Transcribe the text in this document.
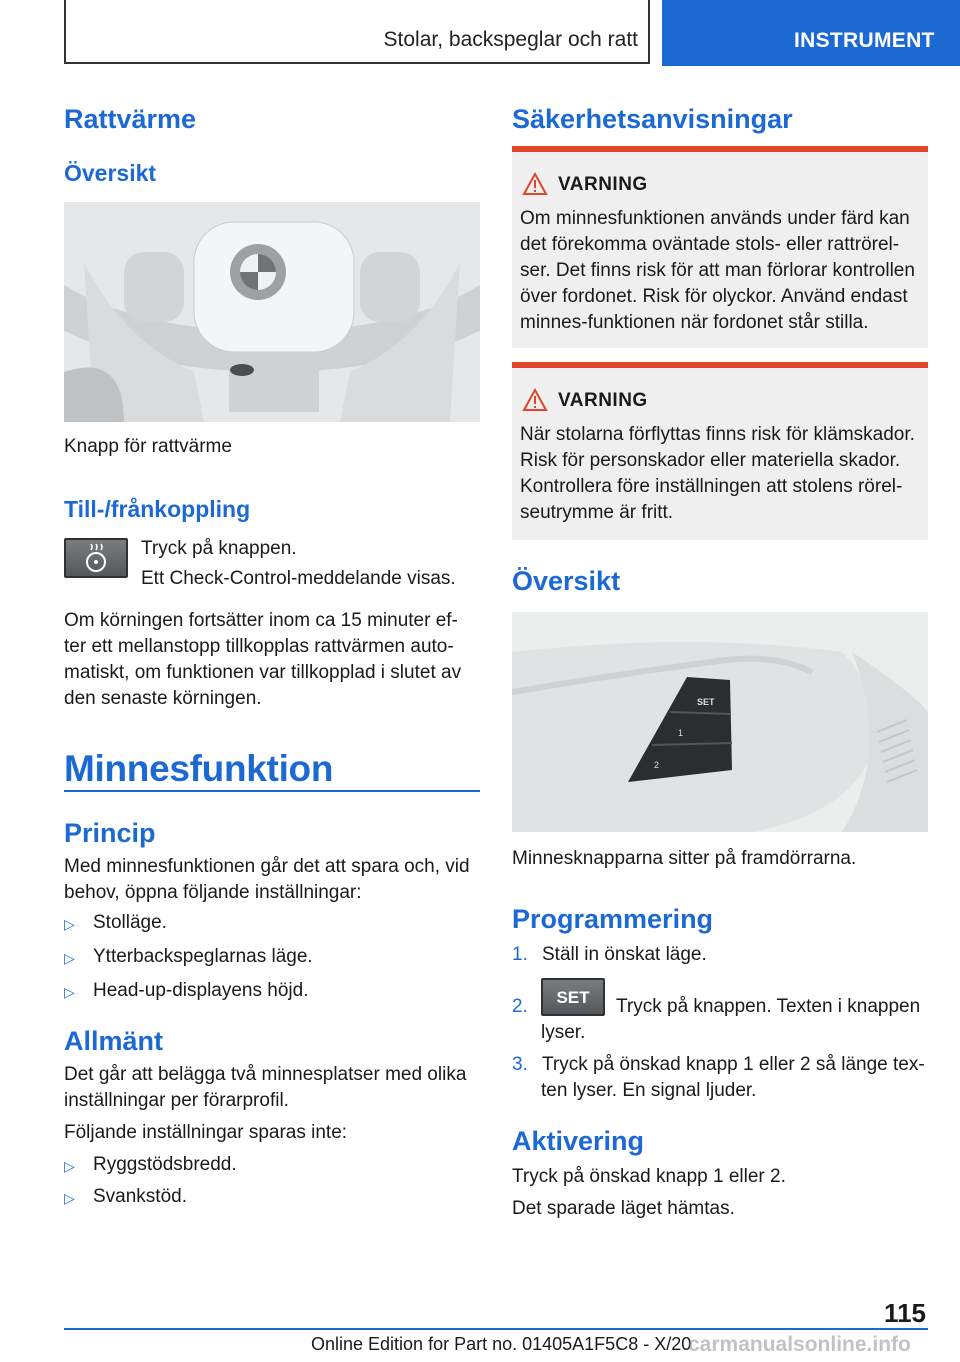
Stolar, backspeglar och ratt	INSTRUMENT
Rattvärme
Översikt
Knapp för rattvärme
Till-/frånkoppling
Tryck på knappen.
Ett Check-Control-meddelande visas.
Om körningen fortsätter inom ca 15 minuter ef-
ter ett mellanstopp tillkopplas rattvärmen auto-
matiskt, om funktionen var tillkopplad i slutet av
den senaste körningen.
Minnesfunktion
Princip
Med minnesfunktionen går det att spara och, vid
behov, öppna följande inställningar:
▷ Stolläge.
▷ Ytterbackspeglarnas läge.
▷ Head-up-displayens höjd.
Allmänt
Det går att belägga två minnesplatser med olika
inställningar per förarprofil.
Följande inställningar sparas inte:
▷ Ryggstödsbredd.
▷ Svankstöd.
Säkerhetsanvisningar
VARNING
Om minnesfunktionen används under färd kan
det förekomma oväntade stols- eller rattrörel-
ser. Det finns risk för att man förlorar kontrollen
över fordonet. Risk för olyckor. Använd endast
minnes-funktionen när fordonet står stilla.
VARNING
När stolarna förflyttas finns risk för klämskador.
Risk för personskador eller materiella skador.
Kontrollera före inställningen att stolens rörel-
seutrymme är fritt.
Översikt
SET
1
2
Minnesknapparna sitter på framdörrarna.
Programmering
1. Ställ in önskat läge.
2.	SET	Tryck på knappen. Texten i knappen
lyser.
3. Tryck på önskad knapp 1 eller 2 så länge tex-
ten lyser. En signal ljuder.
Aktivering
Tryck på önskad knapp 1 eller 2.
Det sparade läget hämtas.
115
Online Edition for Part no. 01405A1F5C8 - X/20
carmanualsonline.info
